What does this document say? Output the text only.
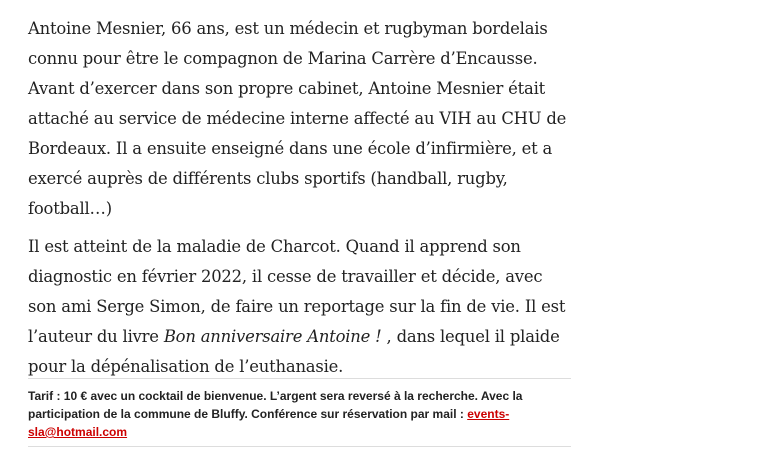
Antoine Mesnier, 66 ans, est un médecin et rugbyman bordelais connu pour être le compagnon de Marina Carrère d’Encausse. Avant d’exercer dans son propre cabinet, Antoine Mesnier était attaché au service de médecine interne affecté au VIH au CHU de Bordeaux. Il a ensuite enseigné dans une école d’infirmière, et a exercé auprès de différents clubs sportifs (handball, rugby, football…)

Il est atteint de la maladie de Charcot. Quand il apprend son diagnostic en février 2022, il cesse de travailler et décide, avec son ami Serge Simon, de faire un reportage sur la fin de vie. Il est l’auteur du livre Bon anniversaire Antoine ! , dans lequel il plaide pour la dépénalisation de l’euthanasie.

Tarif : 10 € avec un cocktail de bienvenue. L’argent sera reversé à la recherche. Avec la participation de la commune de Bluffy. Conférence sur réservation par mail : events-sla@hotmail.com
